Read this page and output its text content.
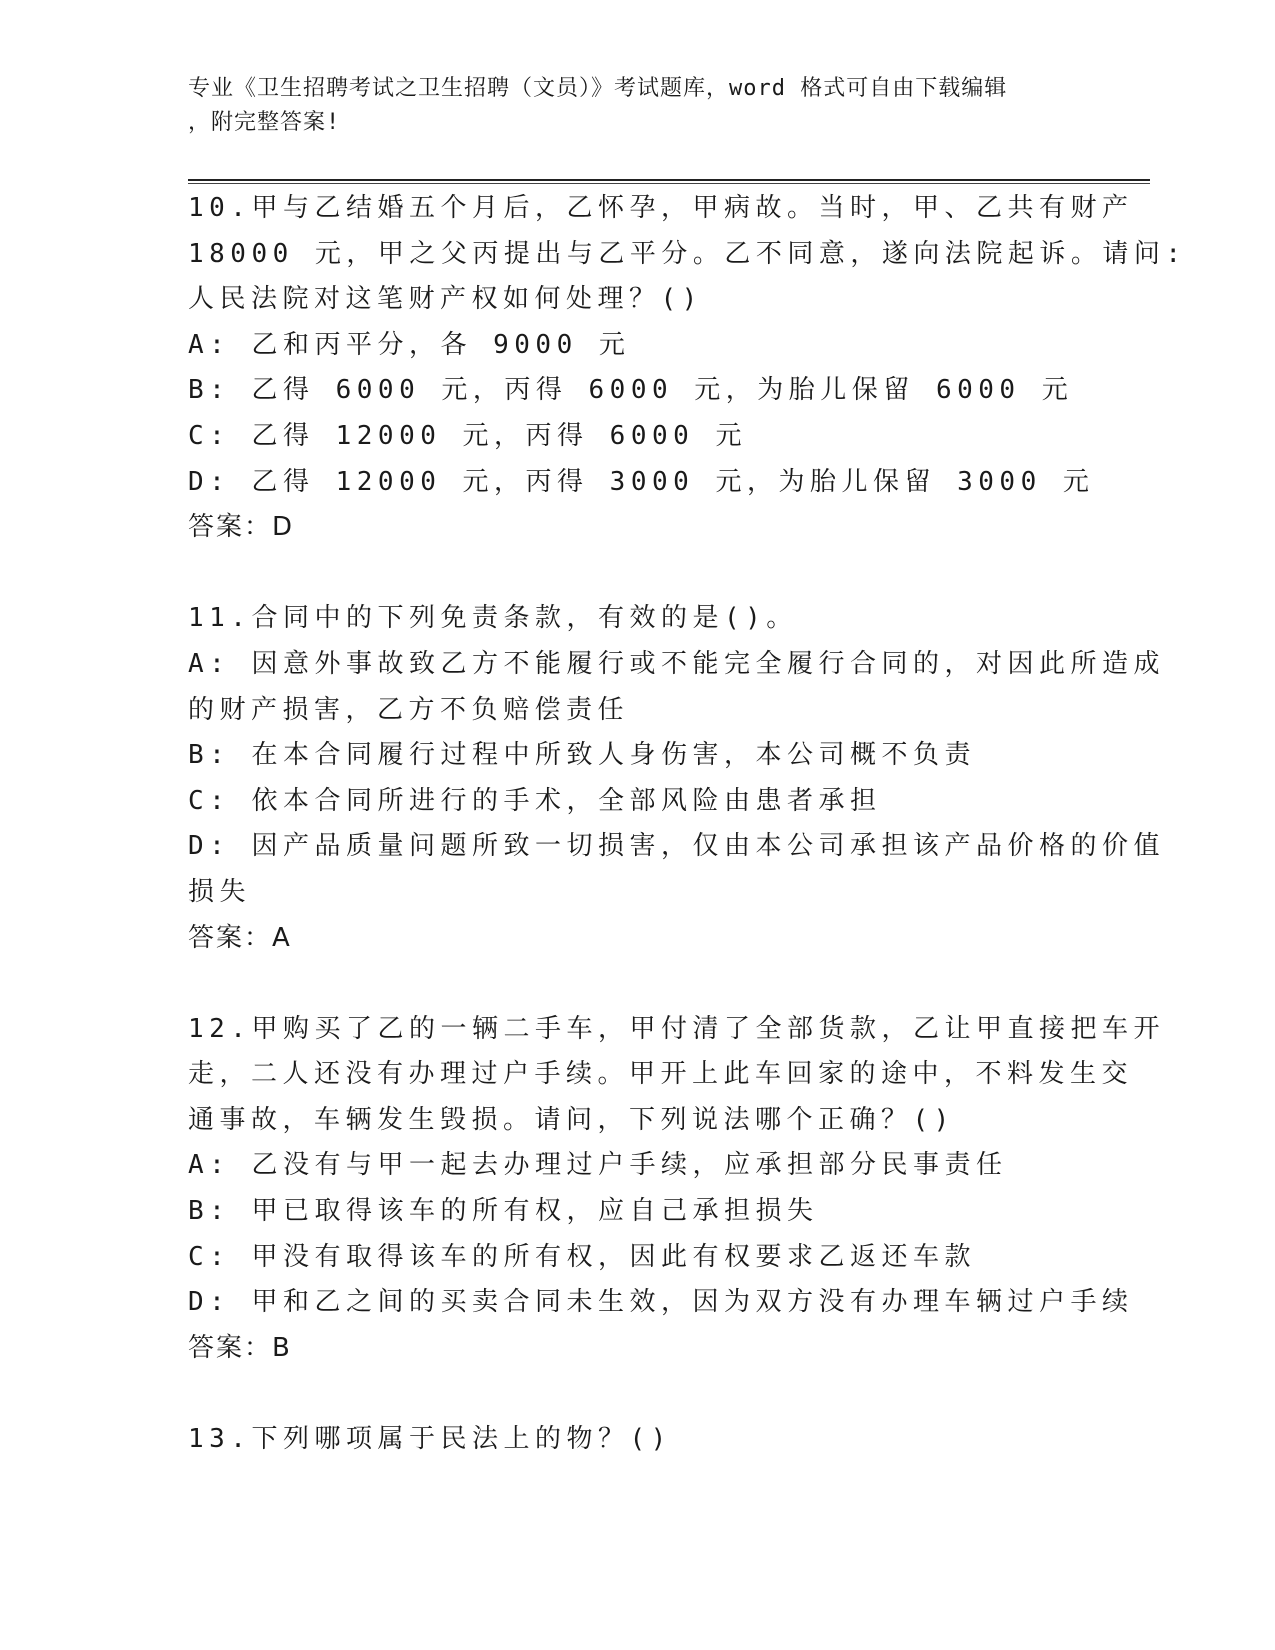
专业《卫生招聘考试之卫生招聘（文员）》考试题库，word 格式可自由下载编辑
，附完整答案!
10.甲与乙结婚五个月后，乙怀孕，甲病故。当时，甲、乙共有财产
18000 元，甲之父丙提出与乙平分。乙不同意，遂向法院起诉。请问:
人民法院对这笔财产权如何处理？()
A: 乙和丙平分，各 9000 元
B: 乙得 6000 元，丙得 6000 元，为胎儿保留 6000 元
C: 乙得 12000 元，丙得 6000 元
D: 乙得 12000 元，丙得 3000 元，为胎儿保留 3000 元
答案：D
11.合同中的下列免责条款，有效的是()。
A: 因意外事故致乙方不能履行或不能完全履行合同的，对因此所造成
的财产损害，乙方不负赔偿责任
B: 在本合同履行过程中所致人身伤害，本公司概不负责
C: 依本合同所进行的手术，全部风险由患者承担
D: 因产品质量问题所致一切损害，仅由本公司承担该产品价格的价值
损失
答案：A
12.甲购买了乙的一辆二手车，甲付清了全部货款，乙让甲直接把车开
走，二人还没有办理过户手续。甲开上此车回家的途中，不料发生交
通事故，车辆发生毁损。请问，下列说法哪个正确？()
A: 乙没有与甲一起去办理过户手续，应承担部分民事责任
B: 甲已取得该车的所有权，应自己承担损失
C: 甲没有取得该车的所有权，因此有权要求乙返还车款
D: 甲和乙之间的买卖合同未生效，因为双方没有办理车辆过户手续
答案：B
13.下列哪项属于民法上的物？()
